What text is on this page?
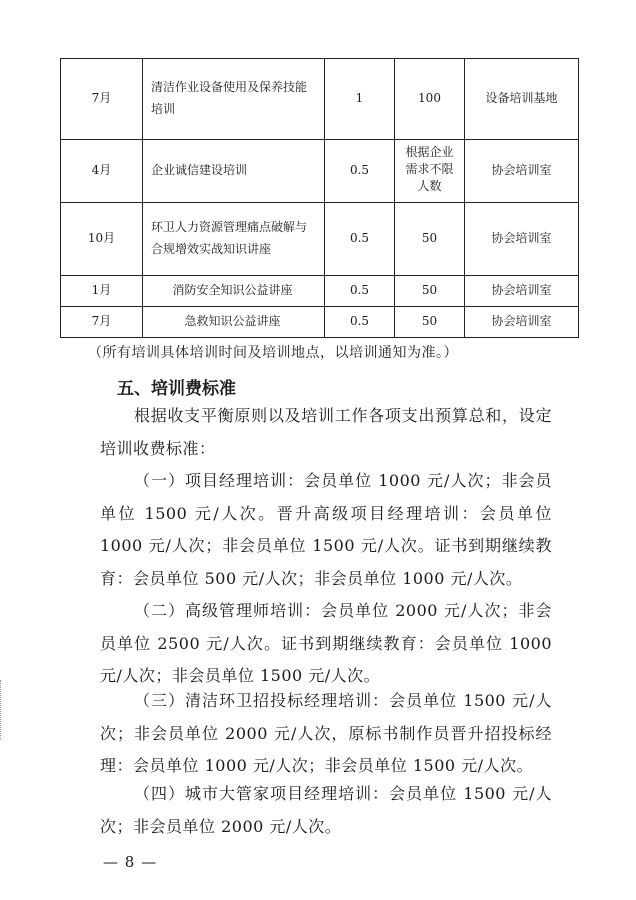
7月	清洁作业设备使用及保养技能培训	1	100	设备培训基地
4月	企业诚信建设培训	0.5	根据企业需求不限人数	协会培训室
10月	环卫人力资源管理痛点破解与合规增效实战知识讲座	0.5	50	协会培训室
1月	消防安全知识公益讲座	0.5	50	协会培训室
7月	急救知识公益讲座	0.5	50	协会培训室
（所有培训具体培训时间及培训地点，以培训通知为准。）
五、培训费标准

根据收支平衡原则以及培训工作各项支出预算总和，设定培训收费标准：

（一）项目经理培训：会员单位 1000 元/人次；非会员单位 1500 元/人次。晋升高级项目经理培训：会员单位 1000 元/人次；非会员单位 1500 元/人次。证书到期继续教育：会员单位 500 元/人次；非会员单位 1000 元/人次。

（二）高级管理师培训：会员单位 2000 元/人次；非会员单位 2500 元/人次。证书到期继续教育：会员单位 1000 元/人次；非会员单位 1500 元/人次。

（三）清洁环卫招投标经理培训：会员单位 1500 元/人次；非会员单位 2000 元/人次，原标书制作员晋升招投标经理：会员单位 1000 元/人次；非会员单位 1500 元/人次。

（四）城市大管家项目经理培训：会员单位 1500 元/人次；非会员单位 2000 元/人次。

— 8 —
